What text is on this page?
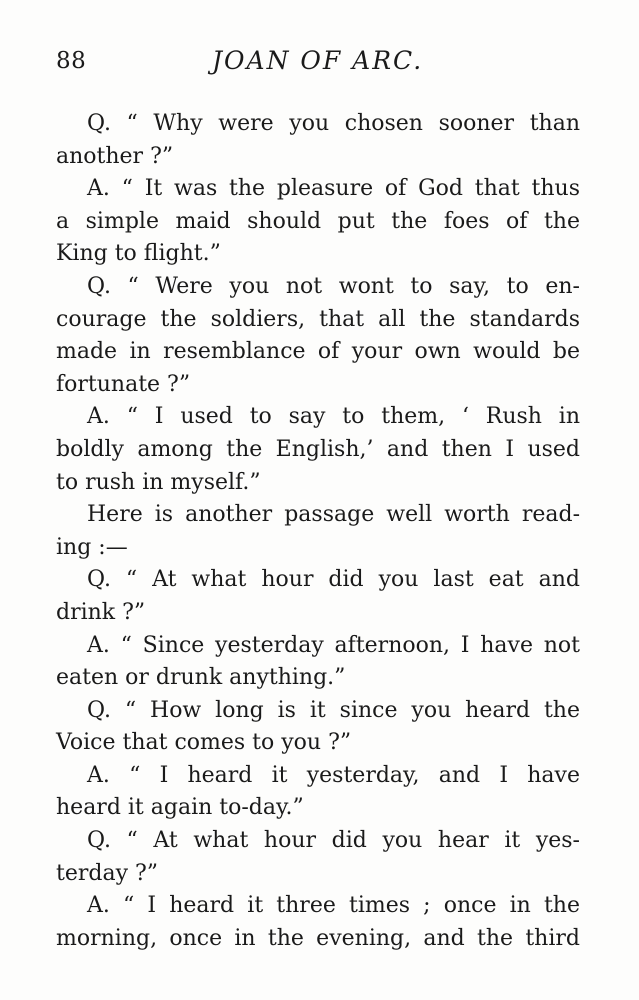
88	JOAN OF ARC.
Q. “ Why were you chosen sooner than
another ?”
A. “ It was the pleasure of God that thus
a simple maid should put the foes of the
King to flight.”
Q. “ Were you not wont to say, to en-
courage the soldiers, that all the standards
made in resemblance of your own would be
fortunate ?”
A. “ I used to say to them, ‘ Rush in
boldly among the English,’ and then I used
to rush in myself.”
Here is another passage well worth read-
ing :—
Q. “ At what hour did you last eat and
drink ?”
A. “ Since yesterday afternoon, I have not
eaten or drunk anything.”
Q. “ How long is it since you heard the
Voice that comes to you ?”
A. “ I heard it yesterday, and I have
heard it again to-day.”
Q. “ At what hour did you hear it yes-
terday ?”
A. “ I heard it three times ; once in the
morning, once in the evening, and the third
